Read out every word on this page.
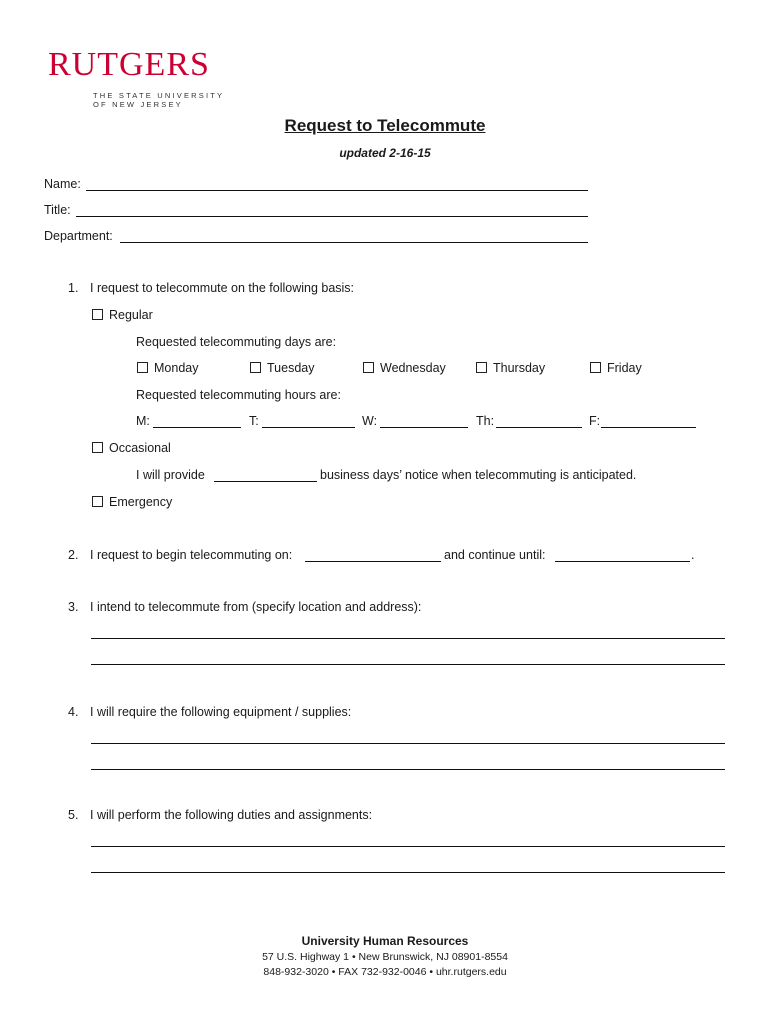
RUTGERS
THE STATE UNIVERSITY
OF NEW JERSEY
Request to Telecommute
updated 2-16-15
Name:
Title:
Department:
1. I request to telecommute on the following basis:
Regular
Requested telecommuting days are:
Monday	Tuesday	Wednesday	Thursday	Friday
Requested telecommuting hours are:
M:	T:	W:	Th:	F:
Occasional
I will provide	business days’ notice when telecommuting is anticipated.
Emergency
2. I request to begin telecommuting on:	and continue until:	.
3. I intend to telecommute from (specify location and address):
4. I will require the following equipment / supplies:
5. I will perform the following duties and assignments:
University Human Resources
57 U.S. Highway 1 • New Brunswick, NJ 08901-8554
848-932-3020 • FAX 732-932-0046 • uhr.rutgers.edu
